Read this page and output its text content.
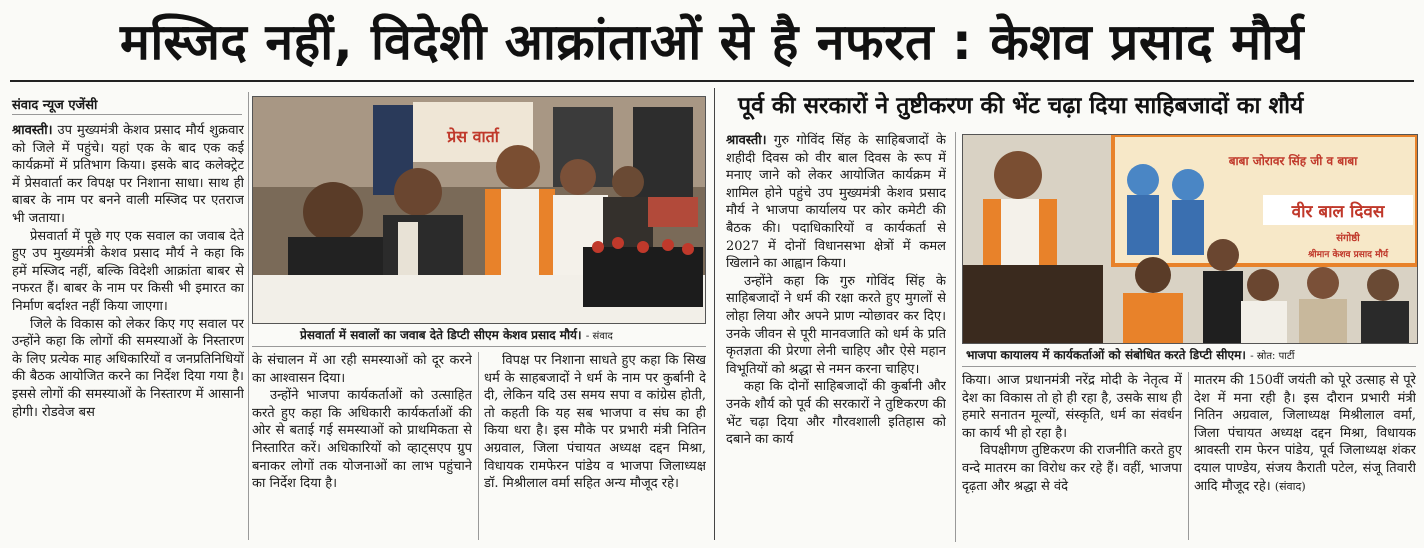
मस्जिद नहीं, विदेशी आक्रांताओं से है नफरत : केशव प्रसाद मौर्य
संवाद न्यूज एजेंसी

श्रावस्ती। उप मुख्यमंत्री केशव प्रसाद मौर्य शुक्रवार को जिले में पहुंचे। यहां एक के बाद एक कई कार्यक्रमों में प्रतिभाग किया। इसके बाद कलेक्ट्रेट में प्रेसवार्ता कर विपक्ष पर निशाना साधा। साथ ही बाबर के नाम पर बनने वाली मस्जिद पर एतराज भी जताया।

प्रेसवार्ता में पूछे गए एक सवाल का जवाब देते हुए उप मुख्यमंत्री केशव प्रसाद मौर्य ने कहा कि हमें मस्जिद नहीं, बल्कि विदेशी आक्रांता बाबर से नफरत हैं। बाबर के नाम पर किसी भी इमारत का निर्माण बर्दाश्त नहीं किया जाएगा।

जिले के विकास को लेकर किए गए सवाल पर उन्होंने कहा कि लोगों की समस्याओं के निस्तारण के लिए प्रत्येक माह अधिकारियों व जनप्रतिनिधियों की बैठक आयोजित करने का निर्देश दिया गया है। इससे लोगों की समस्याओं के निस्तारण में आसानी होगी। रोडवेज बस

प्रेस वार्ता
प्रेसवार्ता में सवालों का जवाब देते डिप्टी सीएम केशव प्रसाद मौर्य। - संवाद

के संचालन में आ रही समस्याओं को दूर करने का आश्वासन दिया।

उन्होंने भाजपा कार्यकर्ताओं को उत्साहित करते हुए कहा कि अधिकारी कार्यकर्ताओं की ओर से बताई गई समस्याओं को प्राथमिकता से निस्तारित करें। अधिकारियों को व्हाट्सएप ग्रुप बनाकर लोगों तक योजनाओं का लाभ पहुंचाने का निर्देश दिया है।

विपक्ष पर निशाना साधते हुए कहा कि सिख धर्म के साहबजादों ने धर्म के नाम पर कुर्बानी दे दी, लेकिन यदि उस समय सपा व कांग्रेस होती, तो कहती कि यह सब भाजपा व संघ का ही किया धरा है। इस मौके पर प्रभारी मंत्री नितिन अग्रवाल, जिला पंचायत अध्यक्ष दद्दन मिश्रा, विधायक रामफेरन पांडेय व भाजपा जिलाध्यक्ष डॉ. मिश्रीलाल वर्मा सहित अन्य मौजूद रहे।

पूर्व की सरकारों ने तुष्टीकरण की भेंट चढ़ा दिया साहिबजादों का शौर्य

श्रावस्ती। गुरु गोविंद सिंह के साहिबजादों के शहीदी दिवस को वीर बाल दिवस के रूप में मनाए जाने को लेकर आयोजित कार्यक्रम में शामिल होने पहुंचे उप मुख्यमंत्री केशव प्रसाद मौर्य ने भाजपा कार्यालय पर कोर कमेटी की बैठक की। पदाधिकारियों व कार्यकर्ता से 2027 में दोनों विधानसभा क्षेत्रों में कमल खिलाने का आह्वान किया।

उन्होंने कहा कि गुरु गोविंद सिंह के साहिबजादों ने धर्म की रक्षा करते हुए मुगलों से लोहा लिया और अपने प्राण न्योछावर कर दिए। उनके जीवन से पूरी मानवजाति को धर्म के प्रति कृतज्ञता की प्रेरणा लेनी चाहिए और ऐसे महान विभूतियों को श्रद्धा से नमन करना चाहिए।

कहा कि दोनों साहिबजादों की कुर्बानी और उनके शौर्य को पूर्व की सरकारों ने तुष्टिकरण की भेंट चढ़ा दिया और गौरवशाली इतिहास को दबाने का कार्य

बाबा जोरावर सिंह जी व बाबा
वीर बाल दिवस
संगोष्ठी
श्रीमान केशव प्रसाद मौर्य
भाजपा कायालय में कार्यकर्ताओं को संबोधित करते डिप्टी सीएम। - स्रोत: पार्टी

किया। आज प्रधानमंत्री नरेंद्र मोदी के नेतृत्व में देश का विकास तो हो ही रहा है, उसके साथ ही हमारे सनातन मूल्यों, संस्कृति, धर्म का संवर्धन का कार्य भी हो रहा है।

विपक्षीगण तुष्टिकरण की राजनीति करते हुए वन्दे मातरम का विरोध कर रहे हैं। वहीं, भाजपा दृढ़ता और श्रद्धा से वंदे

मातरम की 150वीं जयंती को पूरे उत्साह से पूरे देश में मना रही है। इस दौरान प्रभारी मंत्री नितिन अग्रवाल, जिलाध्यक्ष मिश्रीलाल वर्मा, जिला पंचायत अध्यक्ष दद्दन मिश्रा, विधायक श्रावस्ती राम फेरन पांडेय, पूर्व जिलाध्यक्ष शंकर दयाल पाण्डेय, संजय कैराती पटेल, संजू तिवारी आदि मौजूद रहे। (संवाद)
